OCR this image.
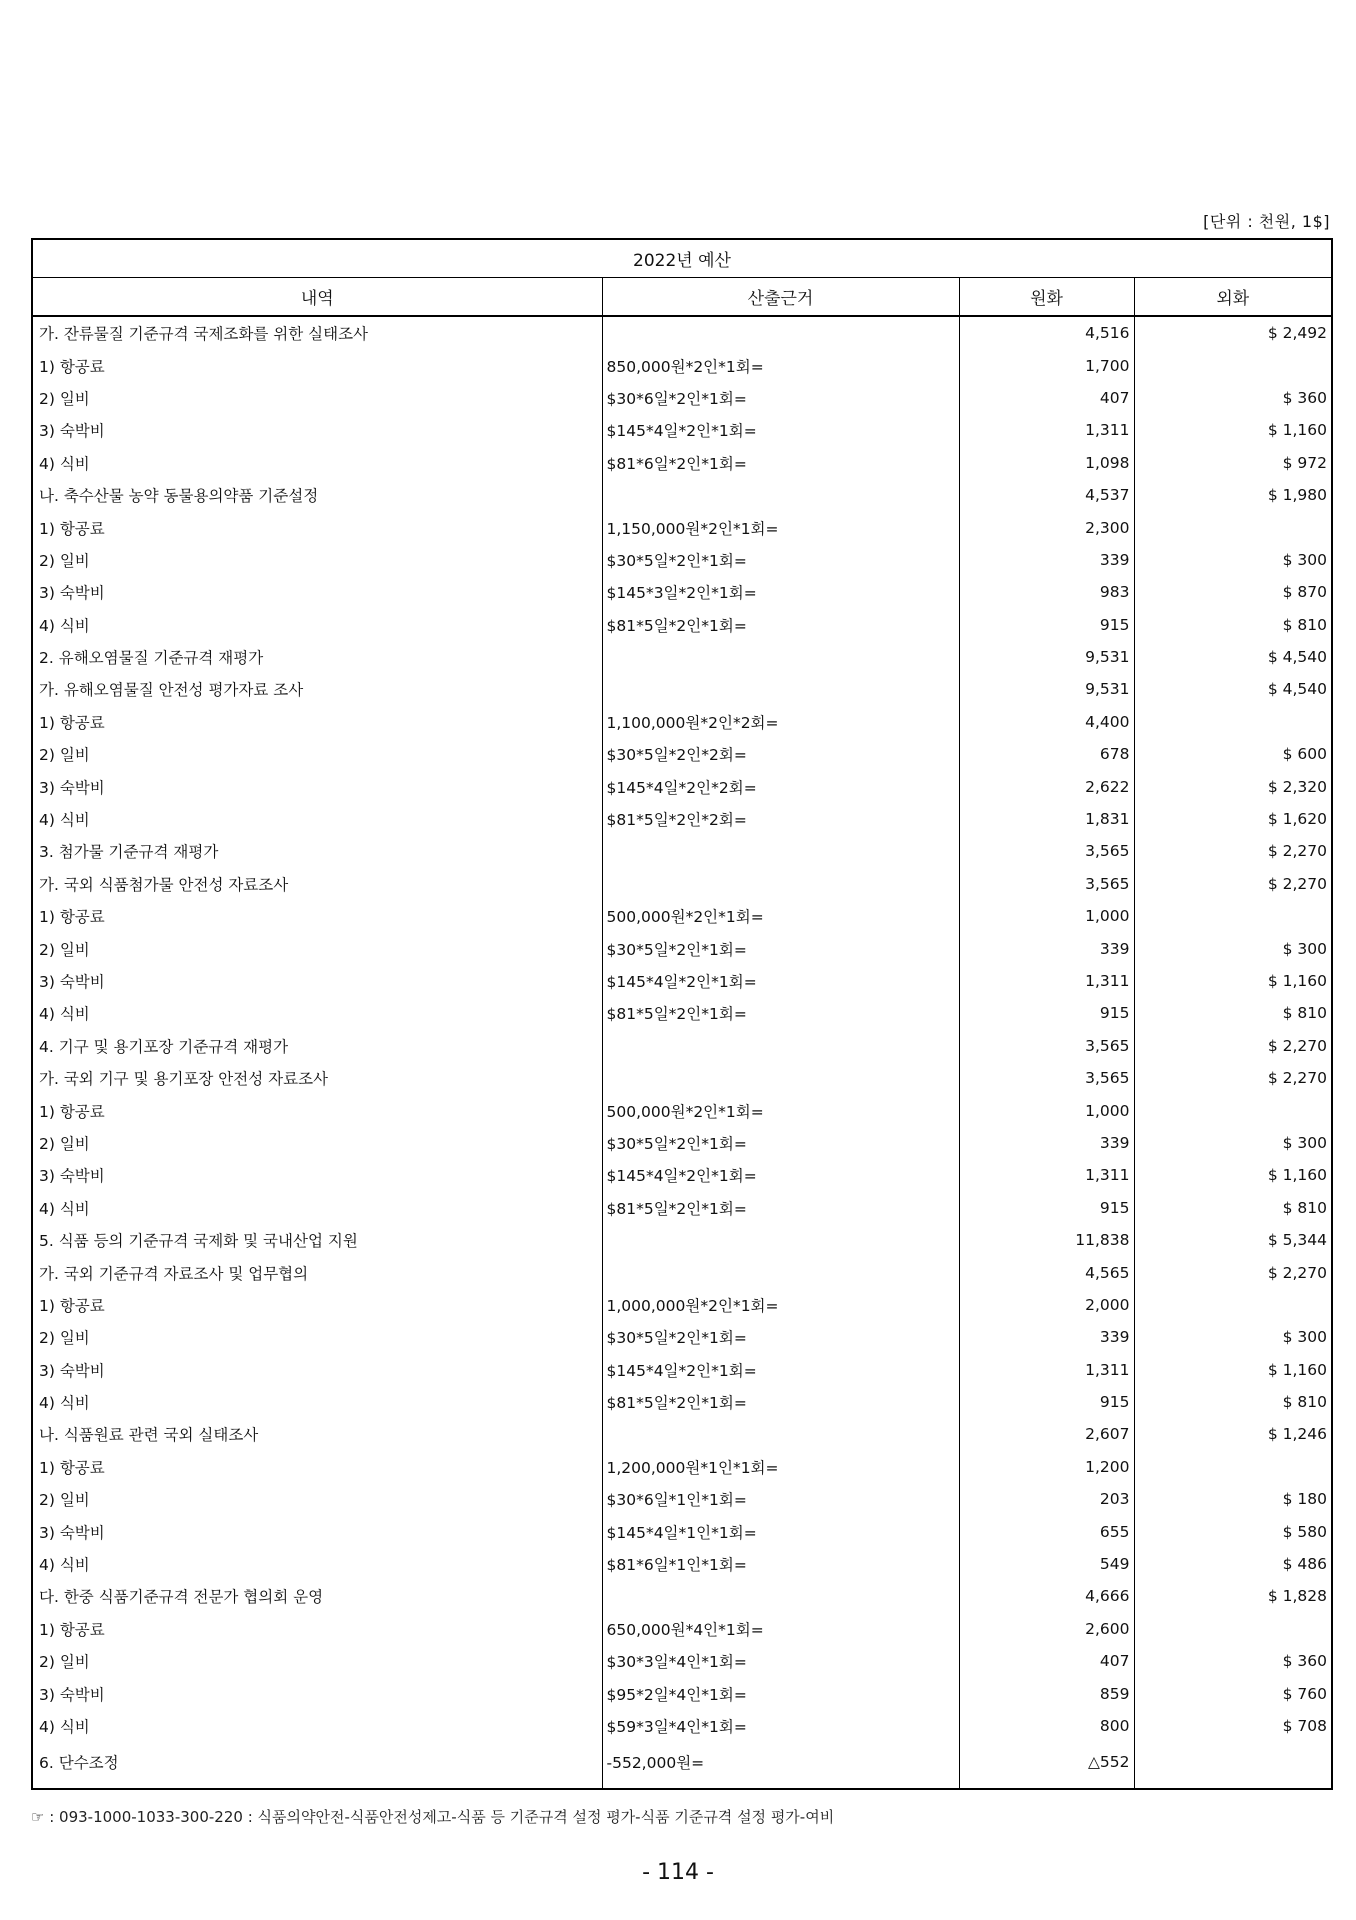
[단위 : 천원, 1$]
2022년 예산			
내역	산출근거	원화	외화
가. 잔류물질 기준규격 국제조화를 위한 실태조사		4,516	$ 2,492
1) 항공료	850,000원*2인*1회=	1,700	
2) 일비	$30*6일*2인*1회=	407	$ 360
3) 숙박비	$145*4일*2인*1회=	1,311	$ 1,160
4) 식비	$81*6일*2인*1회=	1,098	$ 972
나. 축수산물 농약 동물용의약품 기준설정		4,537	$ 1,980
1) 항공료	1,150,000원*2인*1회=	2,300	
2) 일비	$30*5일*2인*1회=	339	$ 300
3) 숙박비	$145*3일*2인*1회=	983	$ 870
4) 식비	$81*5일*2인*1회=	915	$ 810
2. 유해오염물질 기준규격 재평가		9,531	$ 4,540
가. 유해오염물질 안전성 평가자료 조사		9,531	$ 4,540
1) 항공료	1,100,000원*2인*2회=	4,400	
2) 일비	$30*5일*2인*2회=	678	$ 600
3) 숙박비	$145*4일*2인*2회=	2,622	$ 2,320
4) 식비	$81*5일*2인*2회=	1,831	$ 1,620
3. 첨가물 기준규격 재평가		3,565	$ 2,270
가. 국외 식품첨가물 안전성 자료조사		3,565	$ 2,270
1) 항공료	500,000원*2인*1회=	1,000	
2) 일비	$30*5일*2인*1회=	339	$ 300
3) 숙박비	$145*4일*2인*1회=	1,311	$ 1,160
4) 식비	$81*5일*2인*1회=	915	$ 810
4. 기구 및 용기포장 기준규격 재평가		3,565	$ 2,270
가. 국외 기구 및 용기포장 안전성 자료조사		3,565	$ 2,270
1) 항공료	500,000원*2인*1회=	1,000	
2) 일비	$30*5일*2인*1회=	339	$ 300
3) 숙박비	$145*4일*2인*1회=	1,311	$ 1,160
4) 식비	$81*5일*2인*1회=	915	$ 810
5. 식품 등의 기준규격 국제화 및 국내산업 지원		11,838	$ 5,344
가. 국외 기준규격 자료조사 및 업무협의		4,565	$ 2,270
1) 항공료	1,000,000원*2인*1회=	2,000	
2) 일비	$30*5일*2인*1회=	339	$ 300
3) 숙박비	$145*4일*2인*1회=	1,311	$ 1,160
4) 식비	$81*5일*2인*1회=	915	$ 810
나. 식품원료 관련 국외 실태조사		2,607	$ 1,246
1) 항공료	1,200,000원*1인*1회=	1,200	
2) 일비	$30*6일*1인*1회=	203	$ 180
3) 숙박비	$145*4일*1인*1회=	655	$ 580
4) 식비	$81*6일*1인*1회=	549	$ 486
다. 한중 식품기준규격 전문가 협의회 운영		4,666	$ 1,828
1) 항공료	650,000원*4인*1회=	2,600	
2) 일비	$30*3일*4인*1회=	407	$ 360
3) 숙박비	$95*2일*4인*1회=	859	$ 760
4) 식비	$59*3일*4인*1회=	800	$ 708
6. 단수조정	-552,000원=	△552	
☞ : 093-1000-1033-300-220 : 식품의약안전-식품안전성제고-식품 등 기준규격 설정 평가-식품 기준규격 설정 평가-여비
- 114 -
